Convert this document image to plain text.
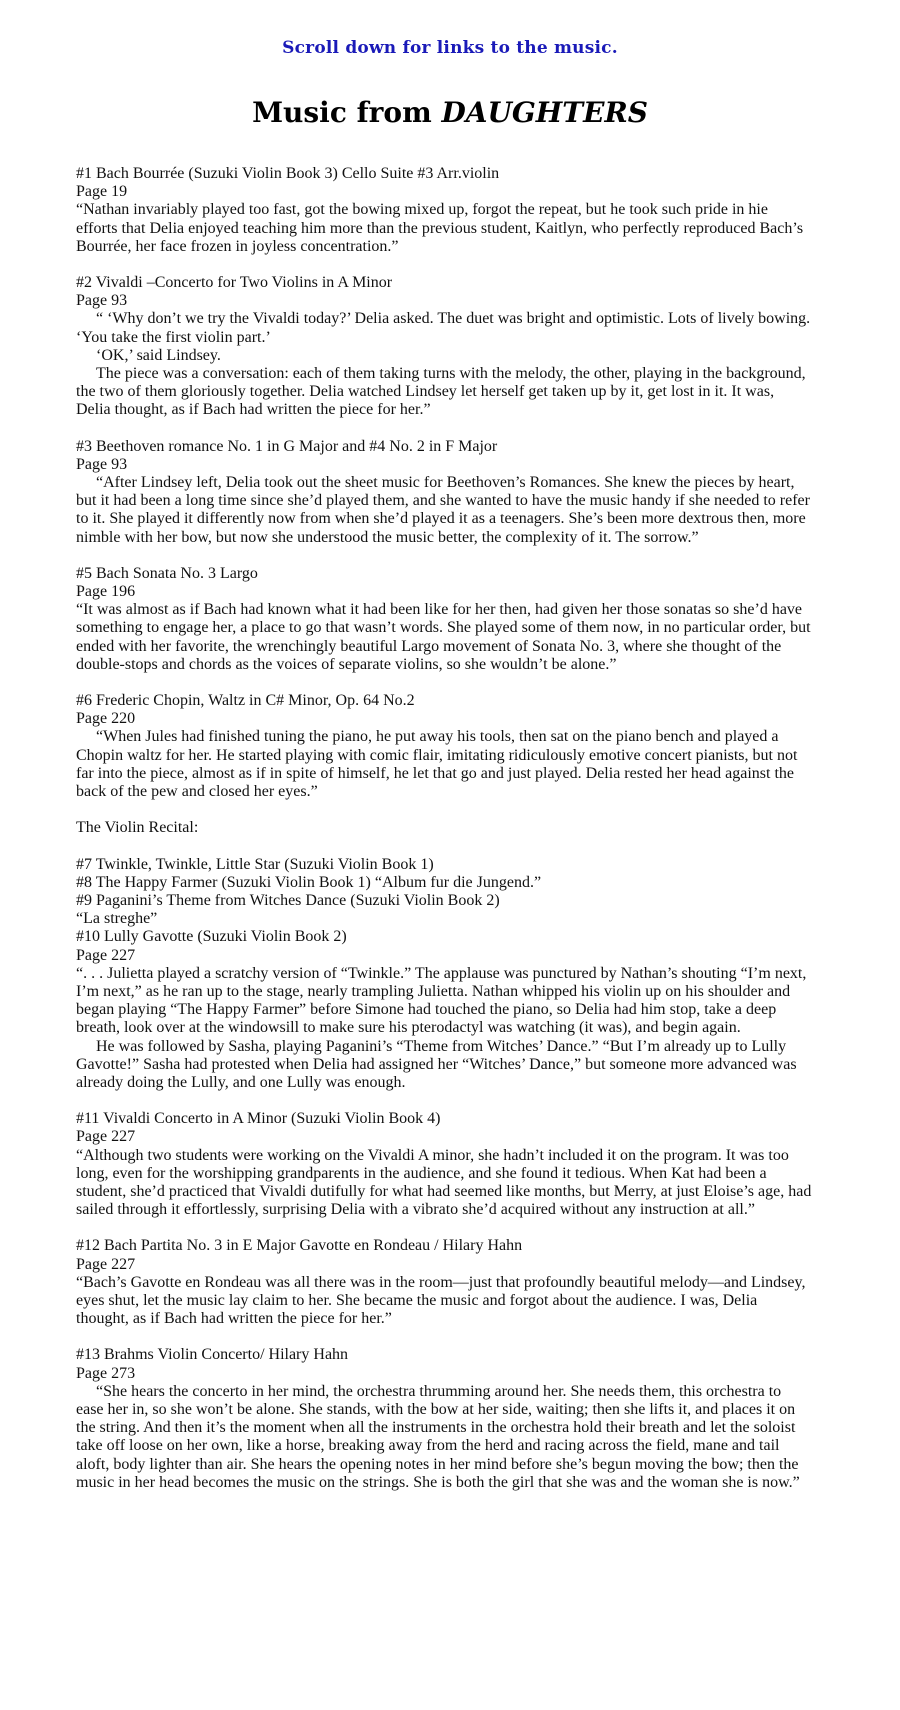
Scroll down for links to the music.
Music from DAUGHTERS
#1 Bach Bourrée (Suzuki Violin Book 3) Cello Suite #3 Arr.violin
Page 19

“Nathan invariably played too fast, got the bowing mixed up, forgot the repeat, but he took such pride in hie efforts that Delia enjoyed teaching him more than the previous student, Kaitlyn, who perfectly reproduced Bach’s Bourrée, her face frozen in joyless concentration.”

#2 Vivaldi –Concerto for Two Violins in A Minor
Page 93

“ ‘Why don’t we try the Vivaldi today?’ Delia asked. The duet was bright and optimistic. Lots of lively bowing. ‘You take the first violin part.’

‘OK,’ said Lindsey.

The piece was a conversation: each of them taking turns with the melody, the other, playing in the background, the two of them gloriously together. Delia watched Lindsey let herself get taken up by it, get lost in it. It was, Delia thought, as if Bach had written the piece for her.”

#3 Beethoven romance No. 1 in G Major and #4 No. 2 in F Major
Page 93

“After Lindsey left, Delia took out the sheet music for Beethoven’s Romances. She knew the pieces by heart, but it had been a long time since she’d played them, and she wanted to have the music handy if she needed to refer to it. She played it differently now from when she’d played it as a teenagers. She’s been more dextrous then, more nimble with her bow, but now she understood the music better, the complexity of it. The sorrow.”

#5 Bach Sonata No. 3 Largo
Page 196

“It was almost as if Bach had known what it had been like for her then, had given her those sonatas so she’d have something to engage her, a place to go that wasn’t words. She played some of them now, in no particular order, but ended with her favorite, the wrenchingly beautiful Largo movement of Sonata No. 3, where she thought of the double-stops and chords as the voices of separate violins, so she wouldn’t be alone.”

#6 Frederic Chopin, Waltz in C# Minor, Op. 64 No.2
Page 220

“When Jules had finished tuning the piano, he put away his tools, then sat on the piano bench and played a Chopin waltz for her. He started playing with comic flair, imitating ridiculously emotive concert pianists, but not far into the piece, almost as if in spite of himself, he let that go and just played. Delia rested her head against the back of the pew and closed her eyes.”

The Violin Recital:
#7 Twinkle, Twinkle, Little Star (Suzuki Violin Book 1)
#8 The Happy Farmer (Suzuki Violin Book 1) “Album fur die Jungend.”
#9 Paganini’s Theme from Witches Dance (Suzuki Violin Book 2)
“La streghe”
#10 Lully Gavotte (Suzuki Violin Book 2)
Page 227

“. . . Julietta played a scratchy version of “Twinkle.” The applause was punctured by Nathan’s shouting “I’m next, I’m next,” as he ran up to the stage, nearly trampling Julietta. Nathan whipped his violin up on his shoulder and began playing “The Happy Farmer” before Simone had touched the piano, so Delia had him stop, take a deep breath, look over at the windowsill to make sure his pterodactyl was watching (it was), and begin again.

He was followed by Sasha, playing Paganini’s “Theme from Witches’ Dance.” “But I’m already up to Lully Gavotte!” Sasha had protested when Delia had assigned her “Witches’ Dance,” but someone more advanced was already doing the Lully, and one Lully was enough.

#11 Vivaldi Concerto in A Minor (Suzuki Violin Book 4)
Page 227

“Although two students were working on the Vivaldi A minor, she hadn’t included it on the program. It was too long, even for the worshipping grandparents in the audience, and she found it tedious. When Kat had been a student, she’d practiced that Vivaldi dutifully for what had seemed like months, but Merry, at just Eloise’s age, had sailed through it effortlessly, surprising Delia with a vibrato she’d acquired without any instruction at all.”

#12 Bach Partita No. 3 in E Major Gavotte en Rondeau / Hilary Hahn
Page 227

“Bach’s Gavotte en Rondeau was all there was in the room—just that profoundly beautiful melody—and Lindsey, eyes shut, let the music lay claim to her. She became the music and forgot about the audience. I was, Delia thought, as if Bach had written the piece for her.”

#13 Brahms Violin Concerto/ Hilary Hahn
Page 273

“She hears the concerto in her mind, the orchestra thrumming around her. She needs them, this orchestra to ease her in, so she won’t be alone. She stands, with the bow at her side, waiting; then she lifts it, and places it on the string. And then it’s the moment when all the instruments in the orchestra hold their breath and let the soloist take off loose on her own, like a horse, breaking away from the herd and racing across the field, mane and tail aloft, body lighter than air. She hears the opening notes in her mind before she’s begun moving the bow; then the music in her head becomes the music on the strings. She is both the girl that she was and the woman she is now.”
